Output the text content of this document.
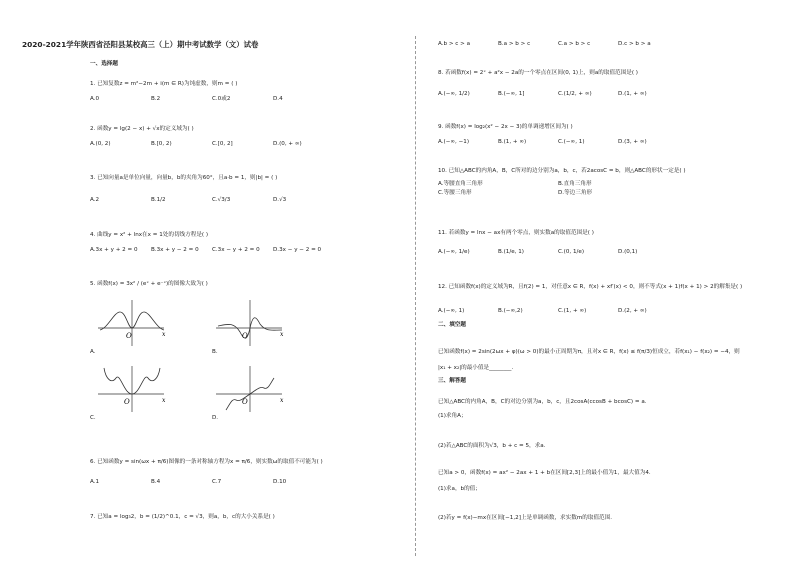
2020-2021学年陕西省泾阳县某校高三（上）期中考试数学（文）试卷
一、选择题
1. 已知复数z = m²−2m + i(m ∈ R)为纯虚数，则m = ( )
A.0	B.2	C.0或2	D.4
2. 函数y = lg(2 − x) + √x的定义域为( )
A.(0, 2)	B.[0, 2)	C.[0, 2]	D.(0, + ∞)
3. 已知向量a是单位向量，向量b，b的夹角为60°，且a·b = 1，则|b| = ( )
A.2	B.1/2	C.√3/3	D.√3
4. 曲线y = x² + lnx在x = 1处的切线方程是( )
A.3x + y + 2 = 0 B.3x + y − 2 = 0 C.3x − y + 2 = 0 D.3x − y − 2 = 0
5. 函数f(x) = 3x² / (eˣ + e⁻ˣ)的图像大致为( )
O	x
A.
O	x
B.
O	x
C.
O	x
D.
6. 已知函数y = sin(ωx + π/6)图像的一条对称轴方程为x = π/6，则实数ω的取值不可能为( )
A.1	B.4	C.7	D.10
7. 已知a = log₃2，b = (1/2)^0.1，c = √3，则a，b，c的大小关系是( )
A.b > c > a	B.a > b > c	C.a > b > c	D.c > b > a
8. 若函数f(x) = 2ˣ + a²x − 2a的一个零点在区间(0, 1)上，则a的取值范围是( )
A.(−∞, 1/2)	B.(−∞, 1]	C.(1/2, + ∞)	D.(1, + ∞)
9. 函数f(x) = log₂(x² − 2x − 3)的单调递增区间为( )
A.(−∞, −1)	B.(1, + ∞)	C.(−∞, 1)	D.(3, + ∞)
10. 已知△ABC的内角A，B，C所对的边分别为a，b，c，若2acosC = b，则△ABC的形状一定是( )
A.等腰直角三角形	B.直角三角形
C.等腰三角形	D.等边三角形
11. 若函数y = lnx − ax有两个零点，则实数a的取值范围是( )
A.(−∞, 1/e)	B.(1/e, 1)	C.(0, 1/e)	D.(0,1)
12. 已知函数f(x)的定义域为R，且f(2) = 1，对任意x ∈ R，f(x) + xf′(x) < 0，则不等式(x + 1)f(x + 1) > 2的解集是( )
A.(−∞, 1)	B.(−∞,2)	C.(1, + ∞)	D.(2, + ∞)
二、填空题
已知函数f(x) = 2sin(2ωx + φ)(ω > 0)的最小正周期为π，且对x ∈ R，f(x) ≤ f(π/3)恒成立，若f(x₁) − f(x₂) = −4，则
|x₁ + x₂|的最小值是________.
三、解答题
已知△ABC的内角A，B，C的对边分别为a，b，c，且2cosA(ccosB + bcosC) = a.
(1)求角A；
(2)若△ABC的面积为√3，b + c = 5，求a.
已知a > 0，函数f(x) = ax² − 2ax + 1 + b在区间[2,3]上的最小值为1，最大值为4.
(1)求a，b的值；
(2)若y = f(x)−mx在区间[−1,2]上是单调函数，求实数m的取值范围.
